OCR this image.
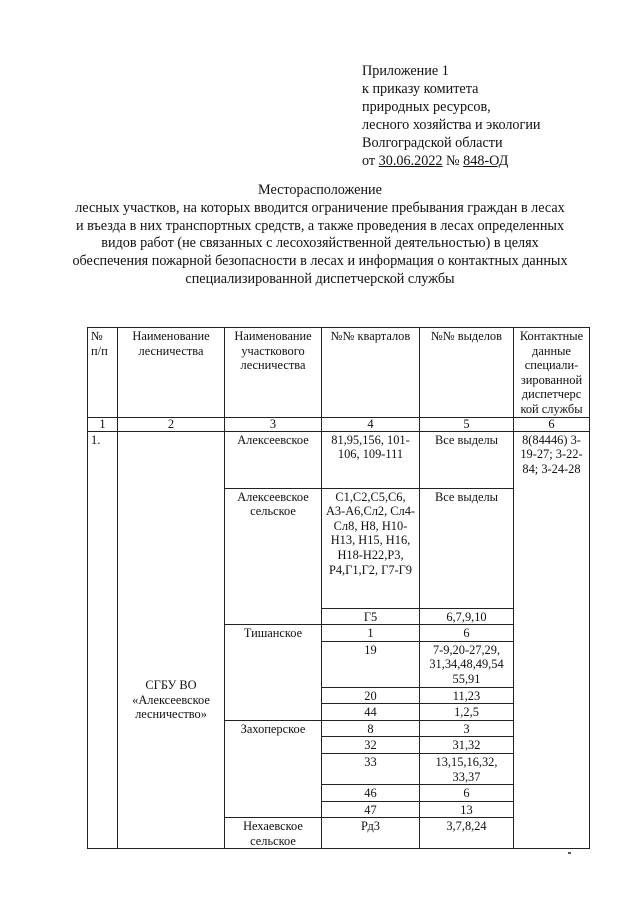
Приложение 1
к приказу комитета
природных ресурсов,
лесного хозяйства и экологии
Волгоградской области
от 30.06.2022 № 848-ОД
Месторасположение
лесных участков, на которых вводится ограничение пребывания граждан в лесах и въезда в них транспортных средств, а также проведения в лесах определенных видов работ (не связанных с лесохозяйственной деятельностью) в целях обеспечения пожарной безопасности в лесах и информация о контактных данных специализированной диспетчерской службы
№ п/п	Наименование лесничества	Наименование участкового лесничества	№№ кварталов	№№ выделов	Контактные данные специали-зированной диспетчерс кой службы
1	2	3	4	5	6
1.	СГБУ ВО «Алексеевское лесничество»	Алексеевское	81,95,156, 101-106, 109-111	Все выделы	8(84446) 3-19-27; 3-22-84; 3-24-28
		Алексеевское сельское	С1,С2,С5,С6, А3-А6,Сл2, Сл4-Сл8, Н8, Н10-Н13, Н15, Н16, Н18-Н22,Р3, Р4,Г1,Г2, Г7-Г9	Все выделы	
			Г5	6,7,9,10	
		Тишанское	1	6	
			19	7-9,20-27,29, 31,34,48,49,54 55,91	
			20	11,23	
			44	1,2,5	
		Захоперское	8	3	
			32	31,32	
			33	13,15,16,32, 33,37	
			46	6	
			47	13	
		Нехаевское сельское	Рд3	3,7,8,24	
